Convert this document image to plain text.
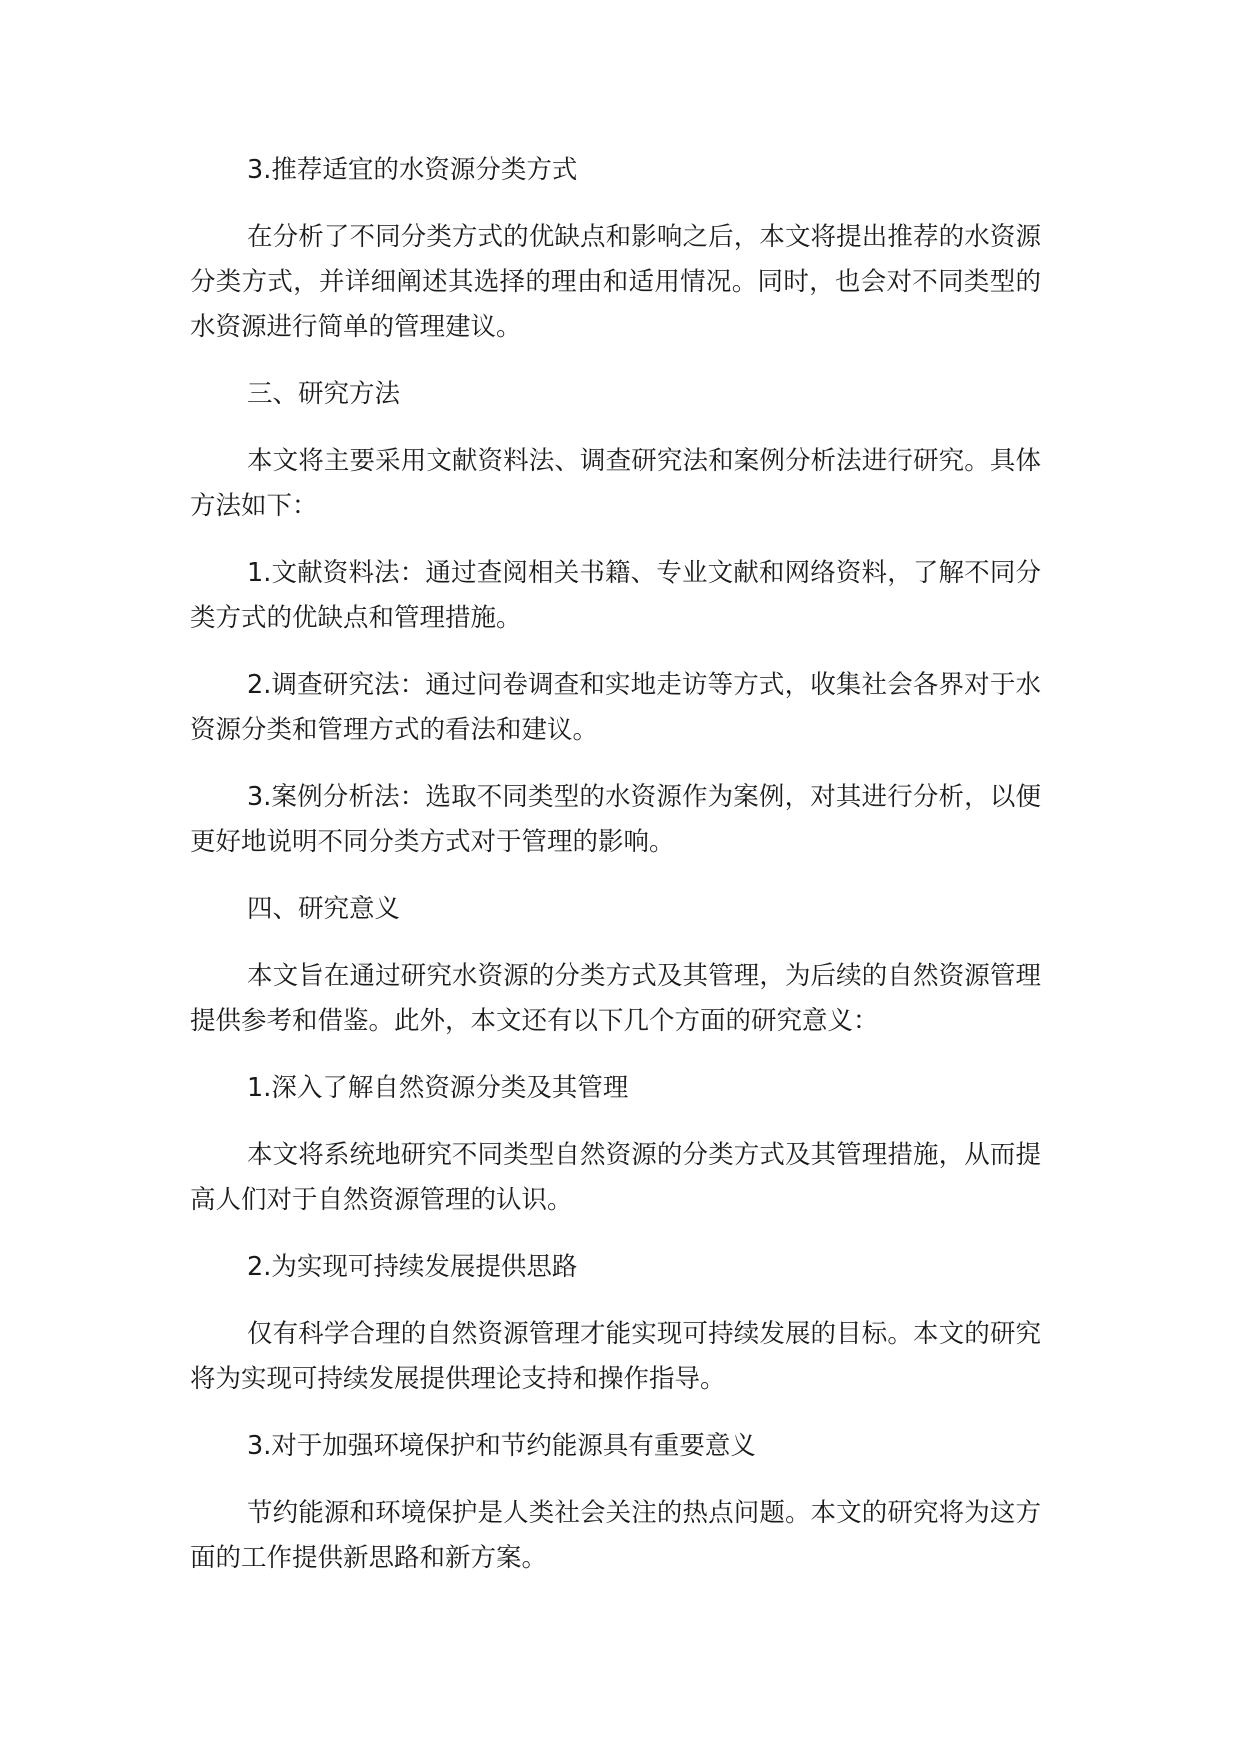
3.推荐适宜的水资源分类方式

在分析了不同分类方式的优缺点和影响之后，本文将提出推荐的水资源分类方式，并详细阐述其选择的理由和适用情况。同时，也会对不同类型的水资源进行简单的管理建议。

三、研究方法

本文将主要采用文献资料法、调查研究法和案例分析法进行研究。具体方法如下：

1.文献资料法：通过查阅相关书籍、专业文献和网络资料，了解不同分类方式的优缺点和管理措施。

2.调查研究法：通过问卷调查和实地走访等方式，收集社会各界对于水资源分类和管理方式的看法和建议。

3.案例分析法：选取不同类型的水资源作为案例，对其进行分析，以便更好地说明不同分类方式对于管理的影响。

四、研究意义

本文旨在通过研究水资源的分类方式及其管理，为后续的自然资源管理提供参考和借鉴。此外，本文还有以下几个方面的研究意义：

1.深入了解自然资源分类及其管理

本文将系统地研究不同类型自然资源的分类方式及其管理措施，从而提高人们对于自然资源管理的认识。

2.为实现可持续发展提供思路

仅有科学合理的自然资源管理才能实现可持续发展的目标。本文的研究将为实现可持续发展提供理论支持和操作指导。

3.对于加强环境保护和节约能源具有重要意义

节约能源和环境保护是人类社会关注的热点问题。本文的研究将为这方面的工作提供新思路和新方案。
